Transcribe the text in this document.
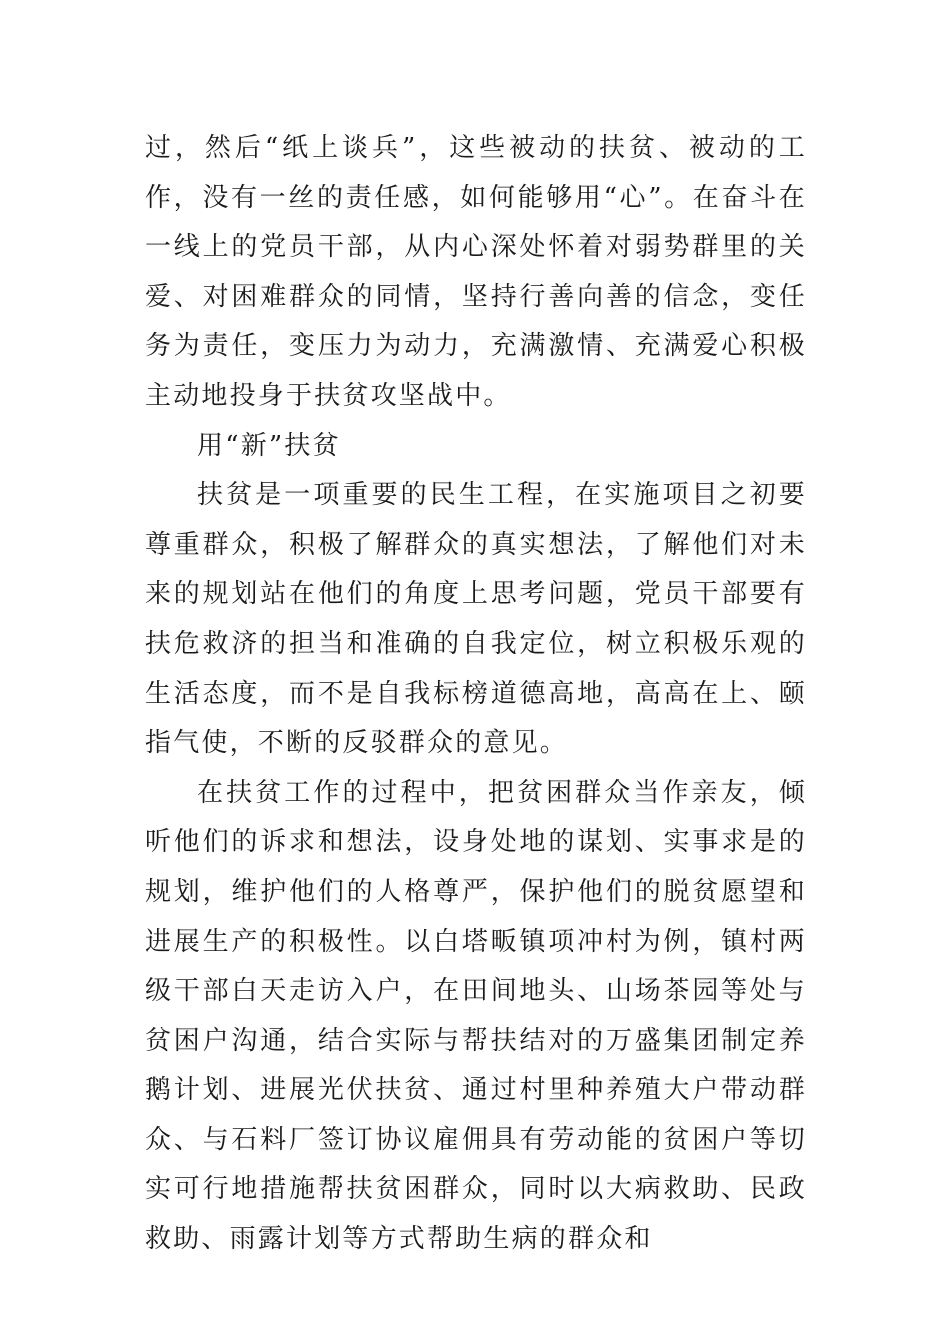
过，然后“纸上谈兵”，这些被动的扶贫、被动的工作，没有一丝的责任感，如何能够用“心”。在奋斗在一线上的党员干部，从内心深处怀着对弱势群里的关爱、对困难群众的同情，坚持行善向善的信念，变任务为责任，变压力为动力，充满激情、充满爱心积极主动地投身于扶贫攻坚战中。

用“新”扶贫

扶贫是一项重要的民生工程，在实施项目之初要尊重群众，积极了解群众的真实想法，了解他们对未来的规划站在他们的角度上思考问题，党员干部要有扶危救济的担当和准确的自我定位，树立积极乐观的生活态度，而不是自我标榜道德高地，高高在上、颐指气使，不断的反驳群众的意见。

在扶贫工作的过程中，把贫困群众当作亲友，倾听他们的诉求和想法，设身处地的谋划、实事求是的规划，维护他们的人格尊严，保护他们的脱贫愿望和进展生产的积极性。以白塔畈镇项冲村为例，镇村两级干部白天走访入户，在田间地头、山场茶园等处与贫困户沟通，结合实际与帮扶结对的万盛集团制定养鹅计划、进展光伏扶贫、通过村里种养殖大户带动群众、与石料厂签订协议雇佣具有劳动能的贫困户等切实可行地措施帮扶贫困群众，同时以大病救助、民政救助、雨露计划等方式帮助生病的群众和
